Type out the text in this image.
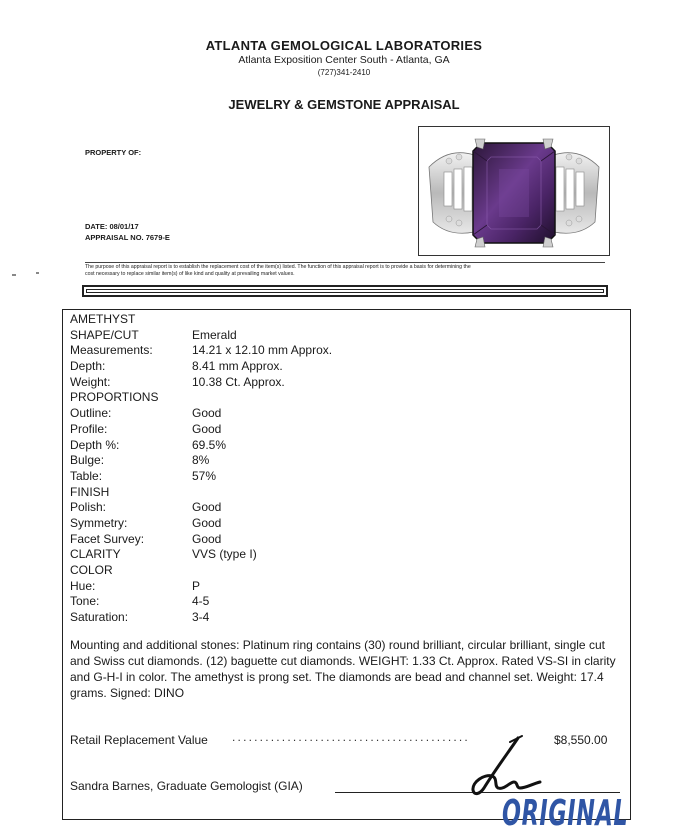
ATLANTA GEMOLOGICAL LABORATORIES
Atlanta Exposition Center South - Atlanta, GA
(727)341-2410
JEWELRY & GEMSTONE APPRAISAL
PROPERTY OF:
DATE: 08/01/17
APPRAISAL NO. 7679-E
The purpose of this appraisal report is to establish the replacement cost of the item(s) listed. The function of this appraisal report is to provide a basis for determining the
cost necessary to replace similar item(s) of like kind and quality at prevailing market values.
AMETHYST
SHAPE/CUT	Emerald
Measurements:	14.21 x 12.10 mm Approx.
Depth:	8.41 mm Approx.
Weight:	10.38 Ct. Approx.
PROPORTIONS
Outline:	Good
Profile:	Good
Depth %:	69.5%
Bulge:	8%
Table:	57%
FINISH
Polish:	Good
Symmetry:	Good
Facet Survey:	Good
CLARITY	VVS (type I)
COLOR
Hue:	P
Tone:	4-5
Saturation:	3-4
Mounting and additional stones: Platinum ring contains (30) round brilliant, circular brilliant, single cut and Swiss cut diamonds. (12) baguette cut diamonds. WEIGHT: 1.33 Ct. Approx. Rated VS-SI in clarity and G-H-I in color. The amethyst is prong set. The diamonds are bead and channel set. Weight: 17.4 grams. Signed: DINO
Retail Replacement Value ...........................................	$8,550.00
Sandra Barnes, Graduate Gemologist (GIA)
ORIGINAL
